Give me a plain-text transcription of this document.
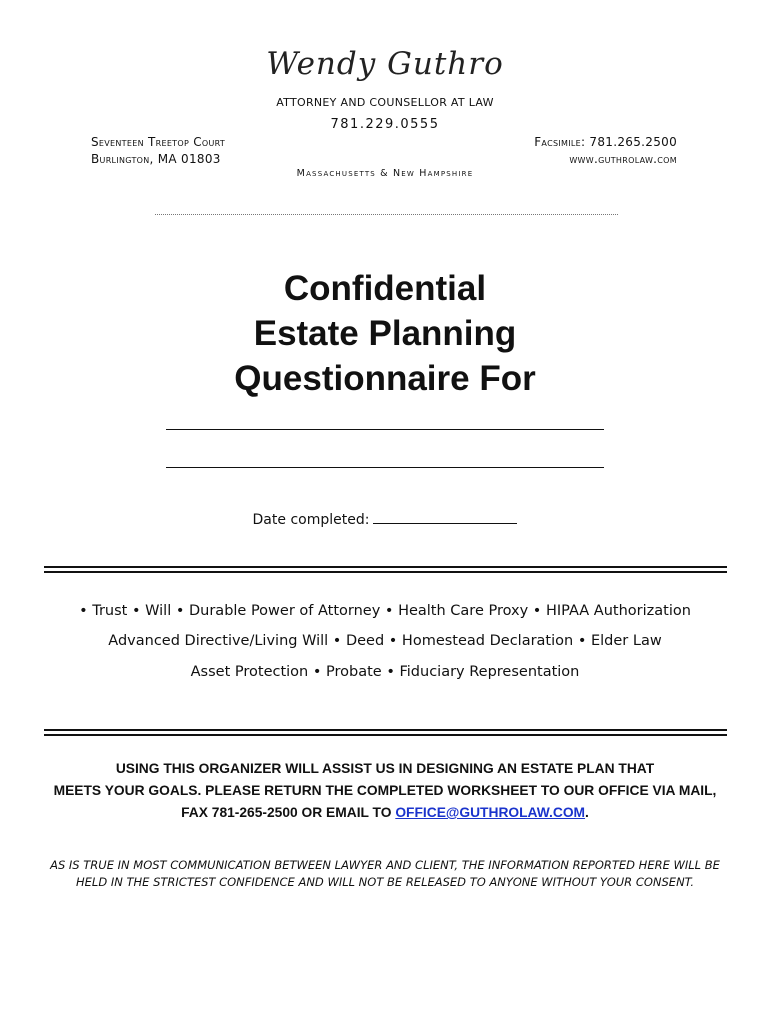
Wendy Guthro
ATTORNEY AND COUNSELLOR AT LAW
781.229.0555
Seventeen Treetop Court
Burlington, MA 01803
Facsimile: 781.265.2500
www.guthrolaw.com
Massachusetts & New Hampshire
Confidential
Estate Planning
Questionnaire For
Date completed:
• Trust • Will • Durable Power of Attorney • Health Care Proxy • HIPAA Authorization
Advanced Directive/Living Will • Deed • Homestead Declaration • Elder Law
Asset Protection • Probate • Fiduciary Representation
USING THIS ORGANIZER WILL ASSIST US IN DESIGNING AN ESTATE PLAN THAT
MEETS YOUR GOALS. PLEASE RETURN THE COMPLETED WORKSHEET TO OUR OFFICE VIA MAIL,
FAX 781-265-2500 OR EMAIL TO OFFICE@GUTHROLAW.COM.
AS IS TRUE IN MOST COMMUNICATION BETWEEN LAWYER AND CLIENT, THE INFORMATION REPORTED HERE WILL BE
HELD IN THE STRICTEST CONFIDENCE AND WILL NOT BE RELEASED TO ANYONE WITHOUT YOUR CONSENT.
